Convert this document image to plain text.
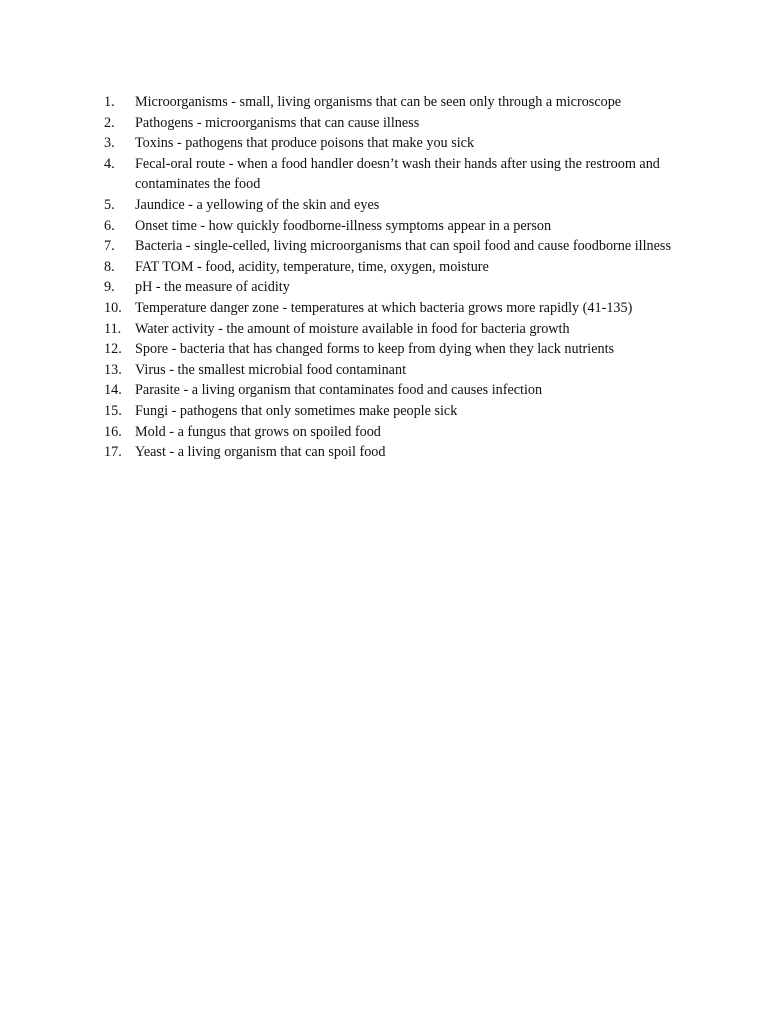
1.	Microorganisms - small, living organisms that can be seen only through a microscope
2.	Pathogens - microorganisms that can cause illness
3.	Toxins - pathogens that produce poisons that make you sick
4.	Fecal-oral route - when a food handler doesn’t wash their hands after using the restroom and contaminates the food
5.	Jaundice - a yellowing of the skin and eyes
6.	Onset time - how quickly foodborne-illness symptoms appear in a person
7.	Bacteria - single-celled, living microorganisms that can spoil food and cause foodborne illness
8.	FAT TOM - food, acidity, temperature, time, oxygen, moisture
9.	pH - the measure of acidity
10. Temperature danger zone - temperatures at which bacteria grows more rapidly (41-135)
11. Water activity - the amount of moisture available in food for bacteria growth
12. Spore - bacteria that has changed forms to keep from dying when they lack nutrients
13. Virus - the smallest microbial food contaminant
14. Parasite - a living organism that contaminates food and causes infection
15. Fungi - pathogens that only sometimes make people sick
16. Mold - a fungus that grows on spoiled food
17. Yeast - a living organism that can spoil food
